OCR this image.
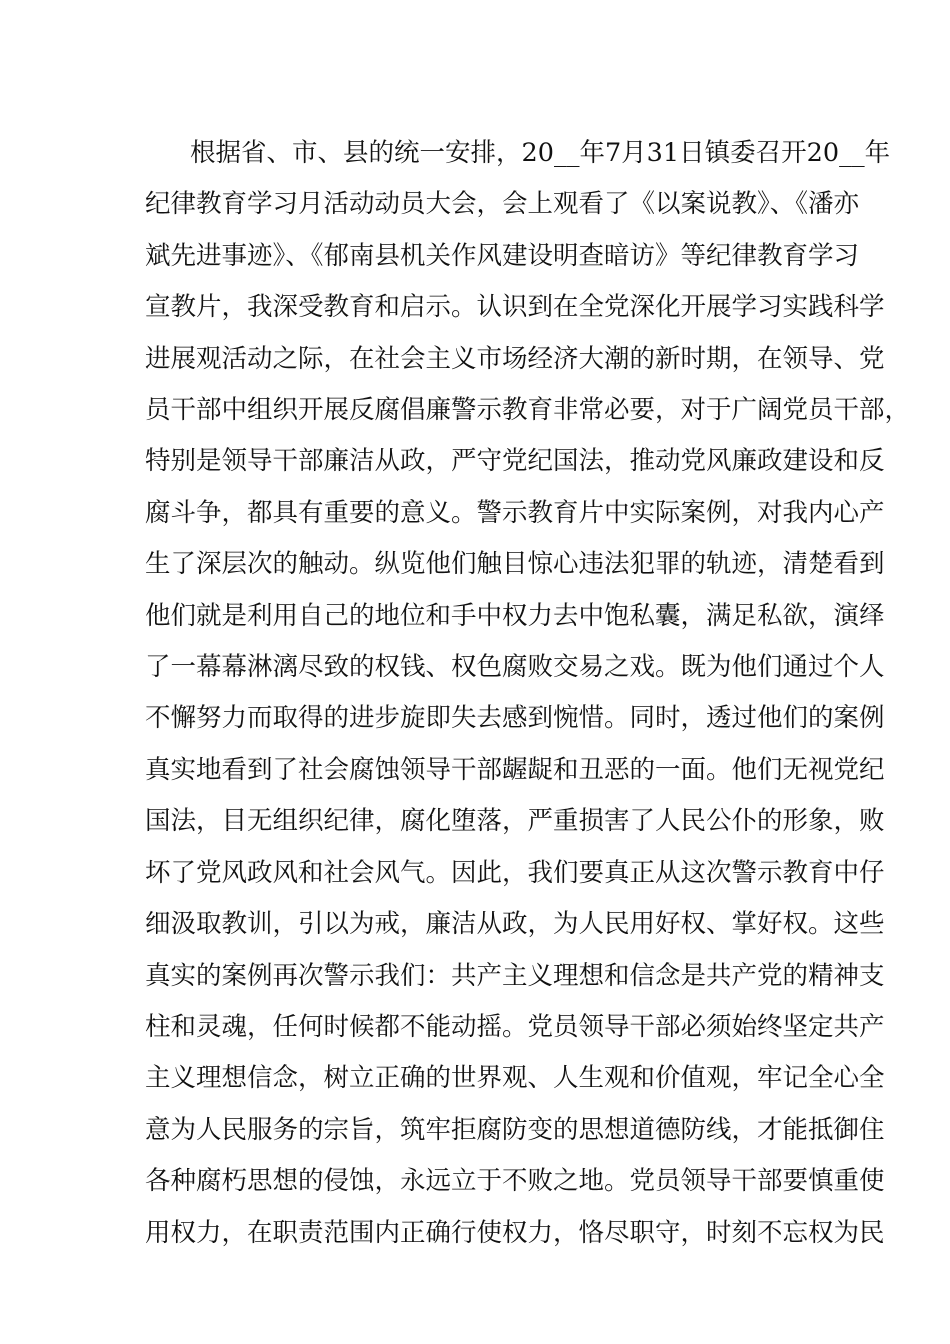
根据省、市、县的统一安排，20__年7月31日镇委召开20__年
纪律教育学习月活动动员大会，会上观看了《以案说教》、《潘亦
斌先进事迹》、《郁南县机关作风建设明查暗访》等纪律教育学习
宣教片，我深受教育和启示。认识到在全党深化开展学习实践科学
进展观活动之际，在社会主义市场经济大潮的新时期，在领导、党
员干部中组织开展反腐倡廉警示教育非常必要，对于广阔党员干部，
特别是领导干部廉洁从政，严守党纪国法，推动党风廉政建设和反
腐斗争，都具有重要的意义。警示教育片中实际案例，对我内心产
生了深层次的触动。纵览他们触目惊心违法犯罪的轨迹，清楚看到
他们就是利用自己的地位和手中权力去中饱私囊，满足私欲，演绎
了一幕幕淋漓尽致的权钱、权色腐败交易之戏。既为他们通过个人
不懈努力而取得的进步旋即失去感到惋惜。同时，透过他们的案例
真实地看到了社会腐蚀领导干部龌龊和丑恶的一面。他们无视党纪
国法，目无组织纪律，腐化堕落，严重损害了人民公仆的形象，败
坏了党风政风和社会风气。因此，我们要真正从这次警示教育中仔
细汲取教训，引以为戒，廉洁从政，为人民用好权、掌好权。这些
真实的案例再次警示我们：共产主义理想和信念是共产党的精神支
柱和灵魂，任何时候都不能动摇。党员领导干部必须始终坚定共产
主义理想信念，树立正确的世界观、人生观和价值观，牢记全心全
意为人民服务的宗旨，筑牢拒腐防变的思想道德防线，才能抵御住
各种腐朽思想的侵蚀，永远立于不败之地。党员领导干部要慎重使
用权力，在职责范围内正确行使权力，恪尽职守，时刻不忘权为民
